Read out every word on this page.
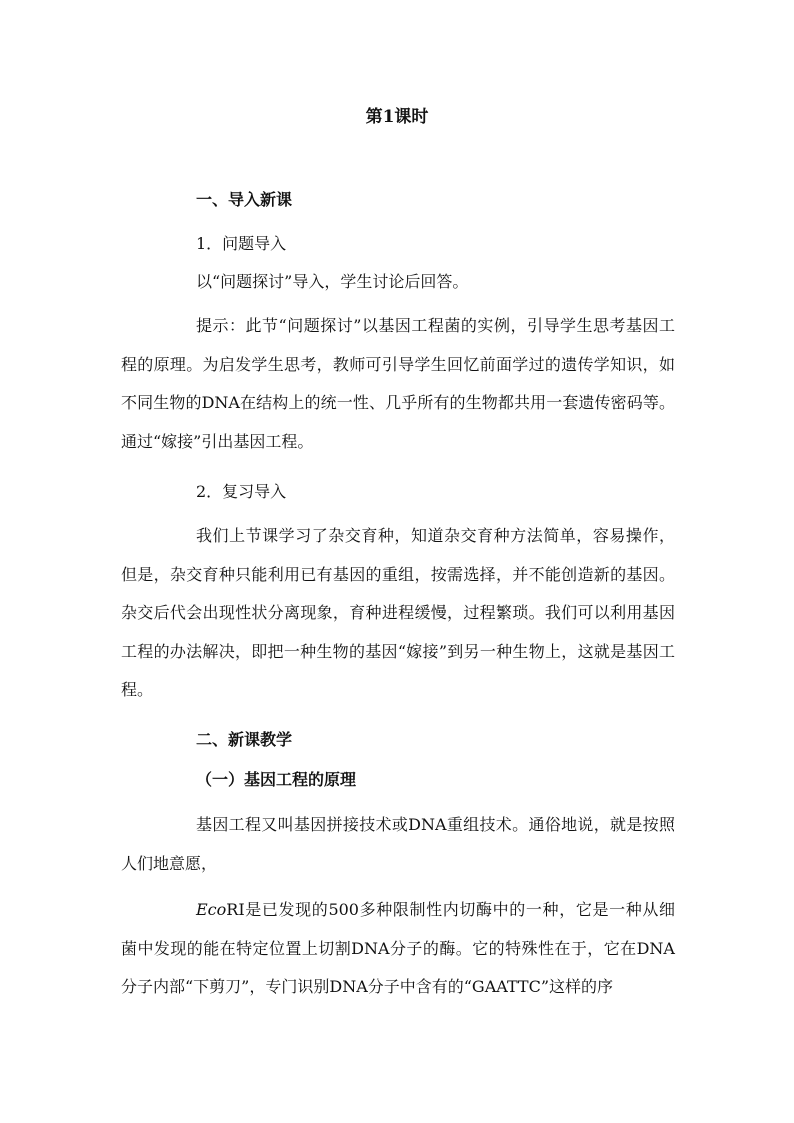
第1课时
一、导入新课
1．问题导入
以“问题探讨”导入，学生讨论后回答。

提示：此节“问题探讨”以基因工程菌的实例，引导学生思考基因工程的原理。为启发学生思考，教师可引导学生回忆前面学过的遗传学知识，如不同生物的DNA在结构上的统一性、几乎所有的生物都共用一套遗传密码等。通过“嫁接”引出基因工程。

2．复习导入

我们上节课学习了杂交育种，知道杂交育种方法简单，容易操作，但是，杂交育种只能利用已有基因的重组，按需选择，并不能创造新的基因。杂交后代会出现性状分离现象，育种进程缓慢，过程繁琐。我们可以利用基因工程的办法解决，即把一种生物的基因“嫁接”到另一种生物上，这就是基因工程。

二、新课教学
（一）基因工程的原理

基因工程又叫基因拼接技术或DNA重组技术。通俗地说，就是按照人们地意愿，

EcoRI是已发现的500多种限制性内切酶中的一种，它是一种从细菌中发现的能在特定位置上切割DNA分子的酶。它的特殊性在于，它在DNA分子内部“下剪刀”，专门识别DNA分子中含有的“GAATTC”这样的序
